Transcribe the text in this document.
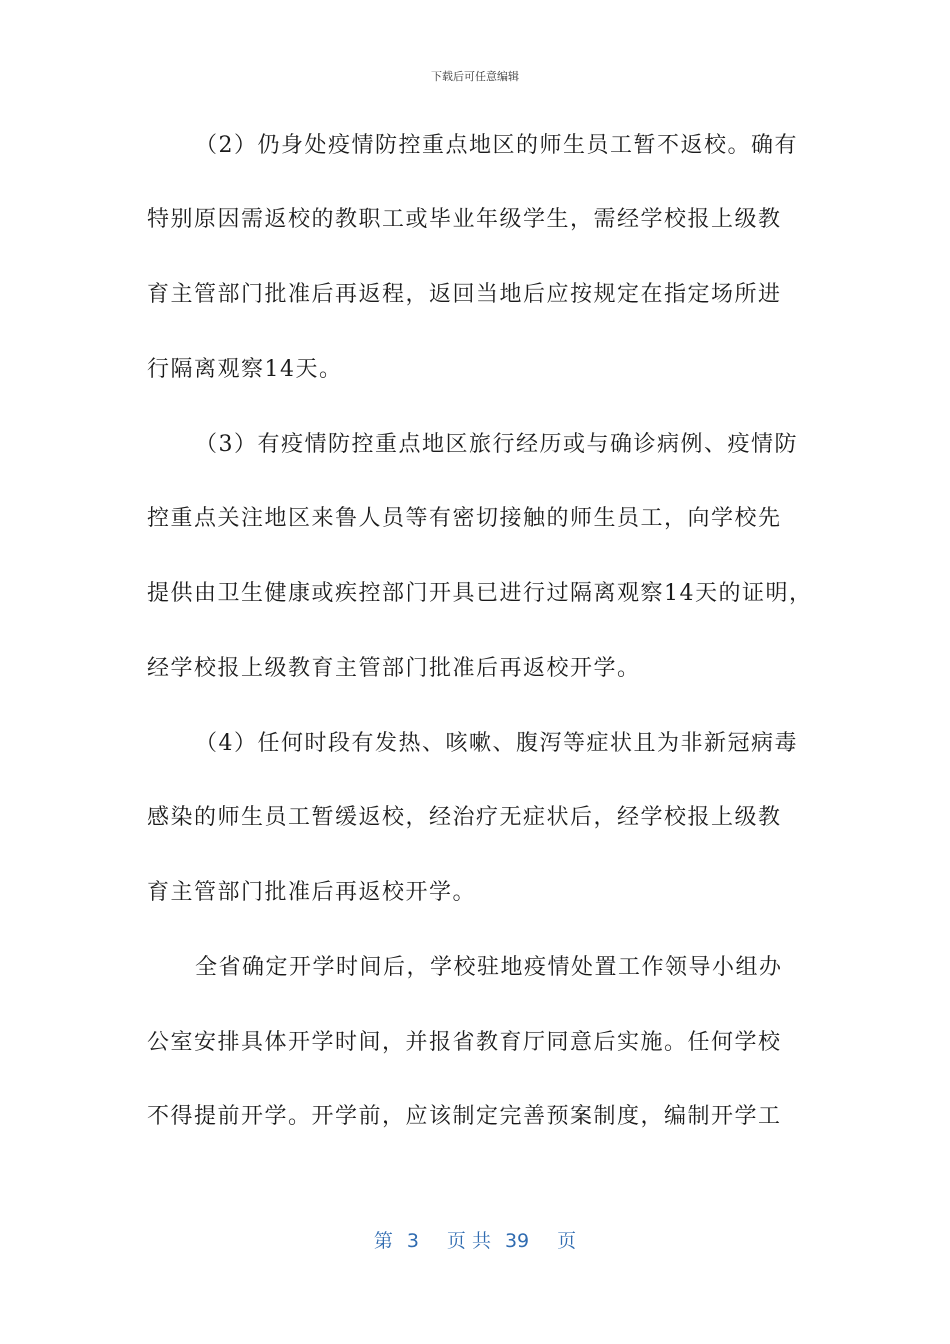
下载后可任意编辑
（2）仍身处疫情防控重点地区的师生员工暂不返校。确有
特别原因需返校的教职工或毕业年级学生，需经学校报上级教
育主管部门批准后再返程，返回当地后应按规定在指定场所进
行隔离观察14天。
（3）有疫情防控重点地区旅行经历或与确诊病例、疫情防
控重点关注地区来鲁人员等有密切接触的师生员工，向学校先
提供由卫生健康或疾控部门开具已进行过隔离观察14天的证明，
经学校报上级教育主管部门批准后再返校开学。
（4）任何时段有发热、咳嗽、腹泻等症状且为非新冠病毒
感染的师生员工暂缓返校，经治疗无症状后，经学校报上级教
育主管部门批准后再返校开学。
全省确定开学时间后，学校驻地疫情处置工作领导小组办
公室安排具体开学时间，并报省教育厅同意后实施。任何学校
不得提前开学。开学前，应该制定完善预案制度，编制开学工
第 3 页 共 39 页
